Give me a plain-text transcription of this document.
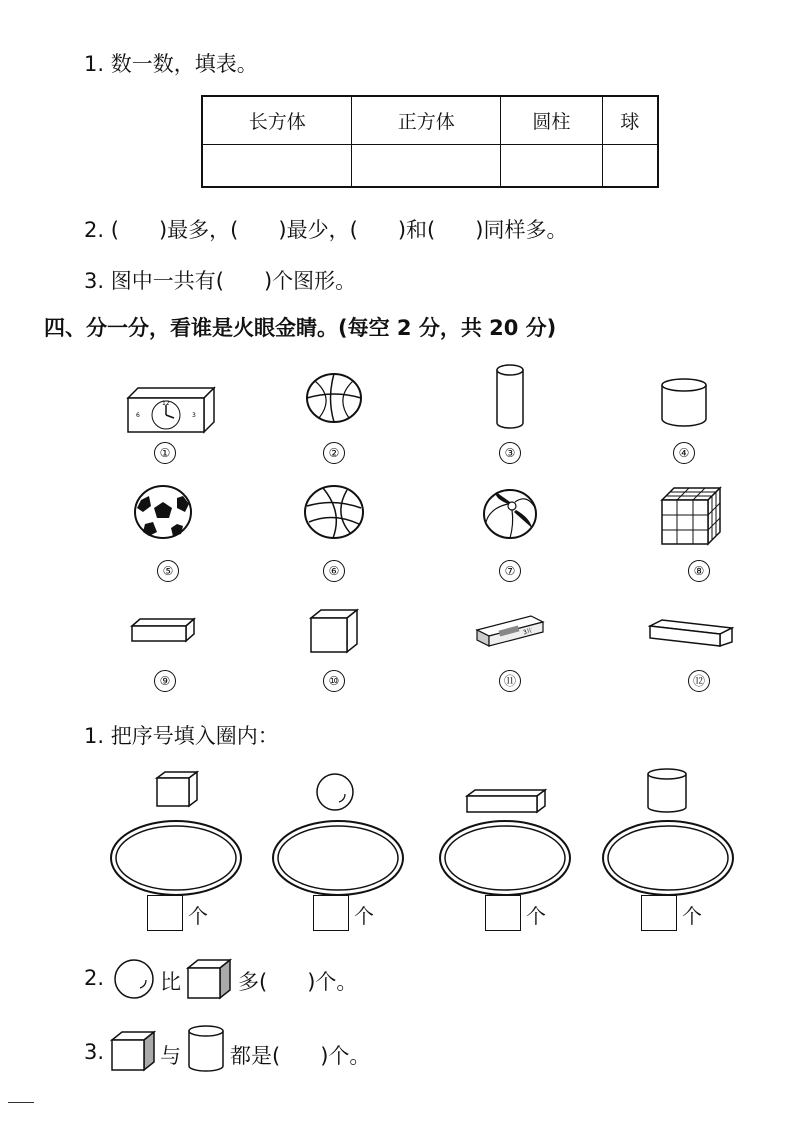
1. 数一数，填表。
长方体	正方体	圆柱	球

2. (      )最多，(      )最少，(      )和(      )同样多。
3. 图中一共有(      )个图形。
四、分一分，看谁是火眼金睛。(每空 2 分，共 20 分)
12
6	3
①	②	③	④
⑤	⑥	⑦	⑧
3片
⑨	⑩	⑪	⑫
1. 把序号填入圈内：
个	个	个	个
2.	比	多(      )个。
3.	与 都是(      )个。
